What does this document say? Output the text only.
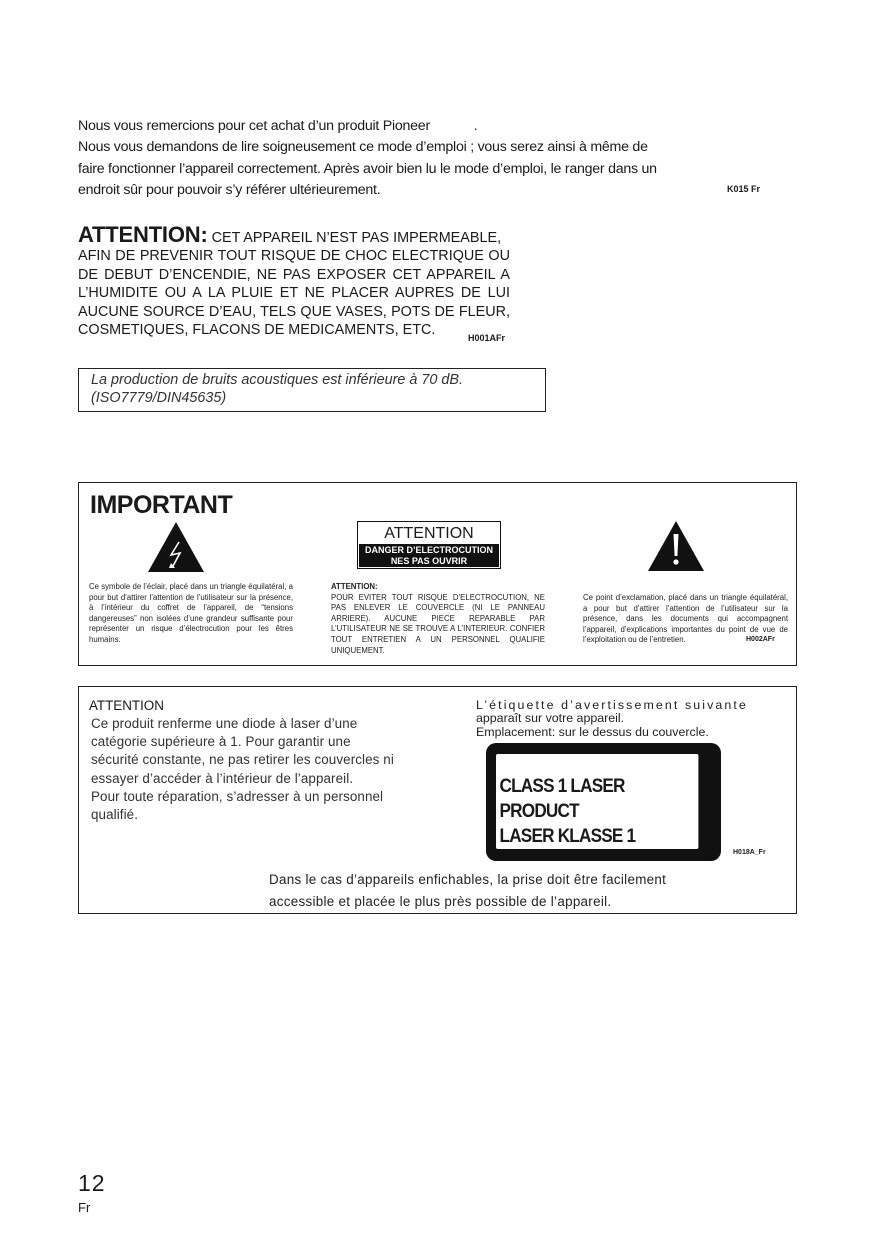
Nous vous remercions pour cet achat d’un produit Pioneer	.
Nous vous demandons de lire soigneusement ce mode d’emploi ; vous serez ainsi à même de
faire fonctionner l’appareil correctement. Après avoir bien lu le mode d’emploi, le ranger dans un
endroit sûr pour pouvoir s’y référer ultérieurement.	K015 Fr
ATTENTION: CET APPAREIL N’EST PAS IMPERMEABLE,
AFIN DE PREVENIR TOUT RISQUE DE CHOC ELECTRIQUE OU DE DEBUT D’ENCENDIE, NE PAS EXPOSER CET APPAREIL A L’HUMIDITE OU A LA PLUIE ET NE PLACER AUPRES DE LUI AUCUNE SOURCE D’EAU, TELS QUE VASES, POTS DE FLEUR, COSMETIQUES, FLACONS DE MEDICAMENTS, ETC.	H001AFr
La production de bruits acoustiques est inférieure à 70 dB.
(ISO7779/DIN45635)
IMPORTANT
ATTENTION
DANGER D’ELECTROCUTION
NES PAS OUVRIR
Ce symbole de l’éclair, placé dans un triangle équilatéral, a pour but d’attirer l’attention de l’utilisateur sur la présence, à l’intérieur du coffret de l’appareil, de “tensions dangereuses” non isolées d’une grandeur suffisante pour représenter un risque d’électrocution pour les êtres humains.
ATTENTION:
POUR EVITER TOUT RISQUE D’ELECTROCUTION, NE PAS ENLEVER LE COUVERCLE (NI LE PANNEAU ARRIERE). AUCUNE PIECE REPARABLE PAR L’UTILISATEUR NE SE TROUVE A L’INTERIEUR. CONFIER TOUT ENTRETIEN A UN PERSONNEL QUALIFIE UNIQUEMENT.
Ce point d’exclamation, placé dans un triangle équilatéral, a pour but d’attirer l’attention de l’utilisateur sur la présence, dans les documents qui accompagnent l’appareil, d’explications importantes du point de vue de l’exploitation ou de l’entretien.	H002AFr
ATTENTION
Ce produit renferme une diode à laser d’une
catégorie supérieure à 1. Pour garantir une
sécurité constante, ne pas retirer les couvercles ni
essayer d’accéder à l’intérieur de l’appareil.
Pour toute réparation, s’adresser à un personnel
qualifié.
L’étiquette d’avertissement suivante
apparaît sur votre appareil.
Emplacement: sur le dessus du couvercle.
CLASS 1 LASER PRODUCT
LASER KLASSE 1
H018A_Fr
Dans le cas d’appareils enfichables, la prise doit être facilement
accessible et placée le plus près possible de l’appareil.
12
Fr
